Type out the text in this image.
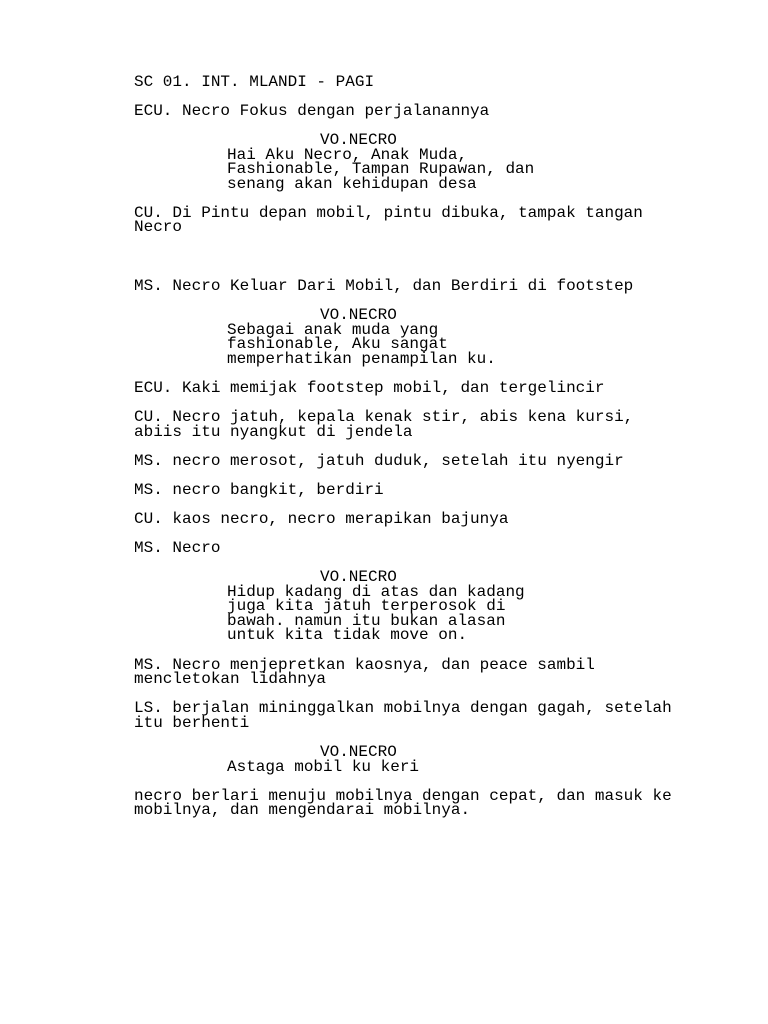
SC 01. INT. MLANDI - PAGI

ECU. Necro Fokus dengan perjalanannya

VO.NECRO

Hai Aku Necro, Anak Muda,

Fashionable, Tampan Rupawan, dan

senang akan kehidupan desa

CU. Di Pintu depan mobil, pintu dibuka, tampak tangan

Necro

MS. Necro Keluar Dari Mobil, dan Berdiri di footstep

VO.NECRO

Sebagai anak muda yang

fashionable, Aku sangat

memperhatikan penampilan ku.

ECU. Kaki memijak footstep mobil, dan tergelincir

CU. Necro jatuh, kepala kenak stir, abis kena kursi,

abiis itu nyangkut di jendela

MS. necro merosot, jatuh duduk, setelah itu nyengir

MS. necro bangkit, berdiri

CU. kaos necro, necro merapikan bajunya

MS. Necro

VO.NECRO

Hidup kadang di atas dan kadang

juga kita jatuh terperosok di

bawah. namun itu bukan alasan

untuk kita tidak move on.

MS. Necro menjepretkan kaosnya, dan peace sambil

mencletokan lidahnya

LS. berjalan mininggalkan mobilnya dengan gagah, setelah

itu berhenti

VO.NECRO

Astaga mobil ku keri

necro berlari menuju mobilnya dengan cepat, dan masuk ke

mobilnya, dan mengendarai mobilnya.
